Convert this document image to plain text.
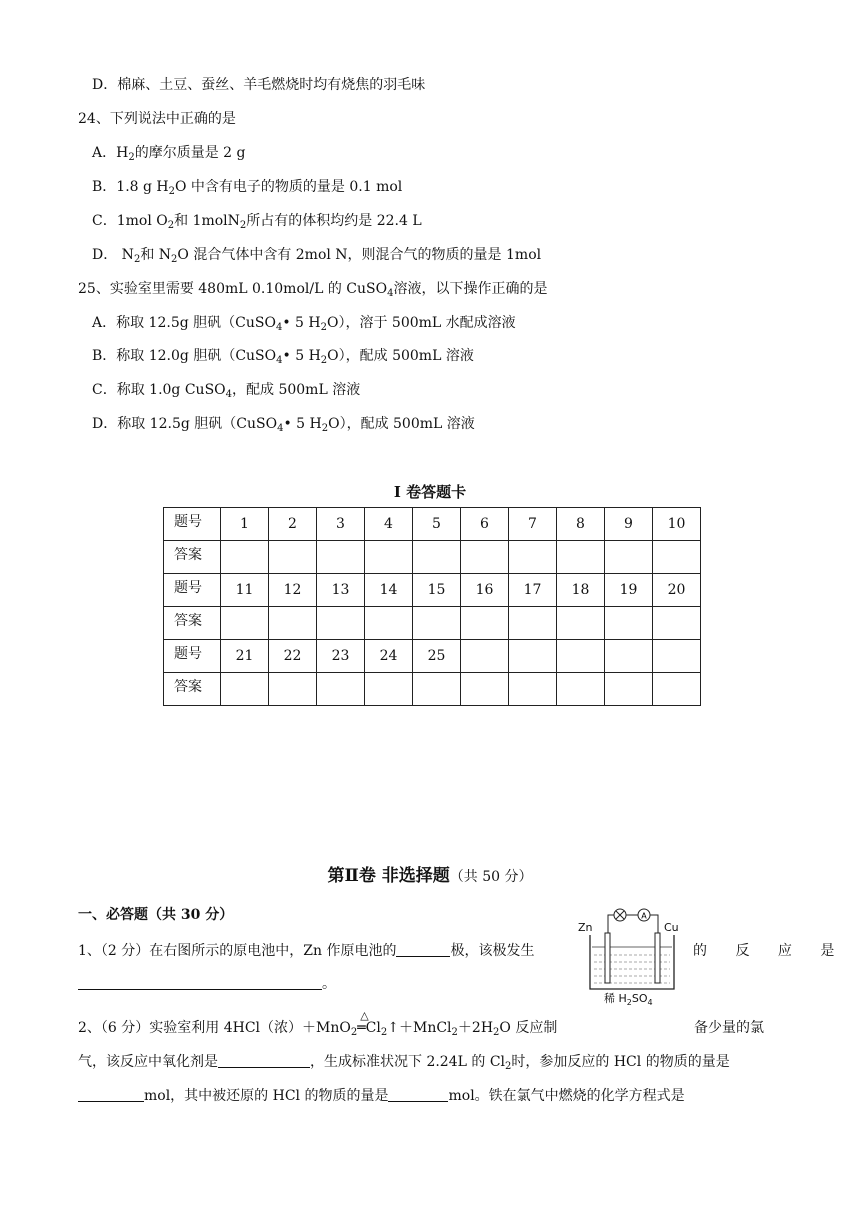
D．棉麻、土豆、蚕丝、羊毛燃烧时均有烧焦的羽毛味
24、下列说法中正确的是
A．$H_2$的摩尔质量是 2 g
B．1.8 g $H_2O$ 中含有电子的物质的量是 0.1 mol
C．1mol $O_2$和 1molN$_2$所占有的体积均约是 22.4 L
D． $N_2$和 $N_2O$ 混合气体中含有 2mol N，则混合气的物质的量是 1mol
25、实验室里需要 480mL 0.10mol/L 的 CuSO$_4$溶液，以下操作正确的是
A．称取 12.5g 胆矾（CuSO$_4$• 5 $H_2O$），溶于 500mL 水配成溶液
B．称取 12.0g 胆矾（CuSO$_4$• 5 $H_2O$），配成 500mL 溶液
C．称取 1.0g CuSO$_4$，配成 500mL 溶液
D．称取 12.5g 胆矾（CuSO$_4$• 5 $H_2O$），配成 500mL 溶液
I 卷答题卡
题号	1	2	3	4	5	6	7	8	9	10
答案										
题号	11	12	13	14	15	16	17	18	19	20
答案										
题号	21	22	23	24	25					
答案										
第Ⅱ卷 非选择题（共 50 分）
一、必答题（共 30 分）
1、（2 分）在右图所示的原电池中，Zn 作原电池的	极，该极发生	的 反 应 是
。
A
Zn	Cu
稀 $H_2SO_4$
2、（6 分）实验室利用 4HCl（浓）＋MnO$_2$
△
$═Cl_2↑+MnCl_2+2H_2O$ 反应制	备少量的氯
气，该反应中氧化剂是	，生成标准状况下 2.24L 的 $Cl_2$时，参加反应的 HCl 的物质的量是
mol，其中被还原的 HCl 的物质的量是	mol。铁在氯气中燃烧的化学方程式是
